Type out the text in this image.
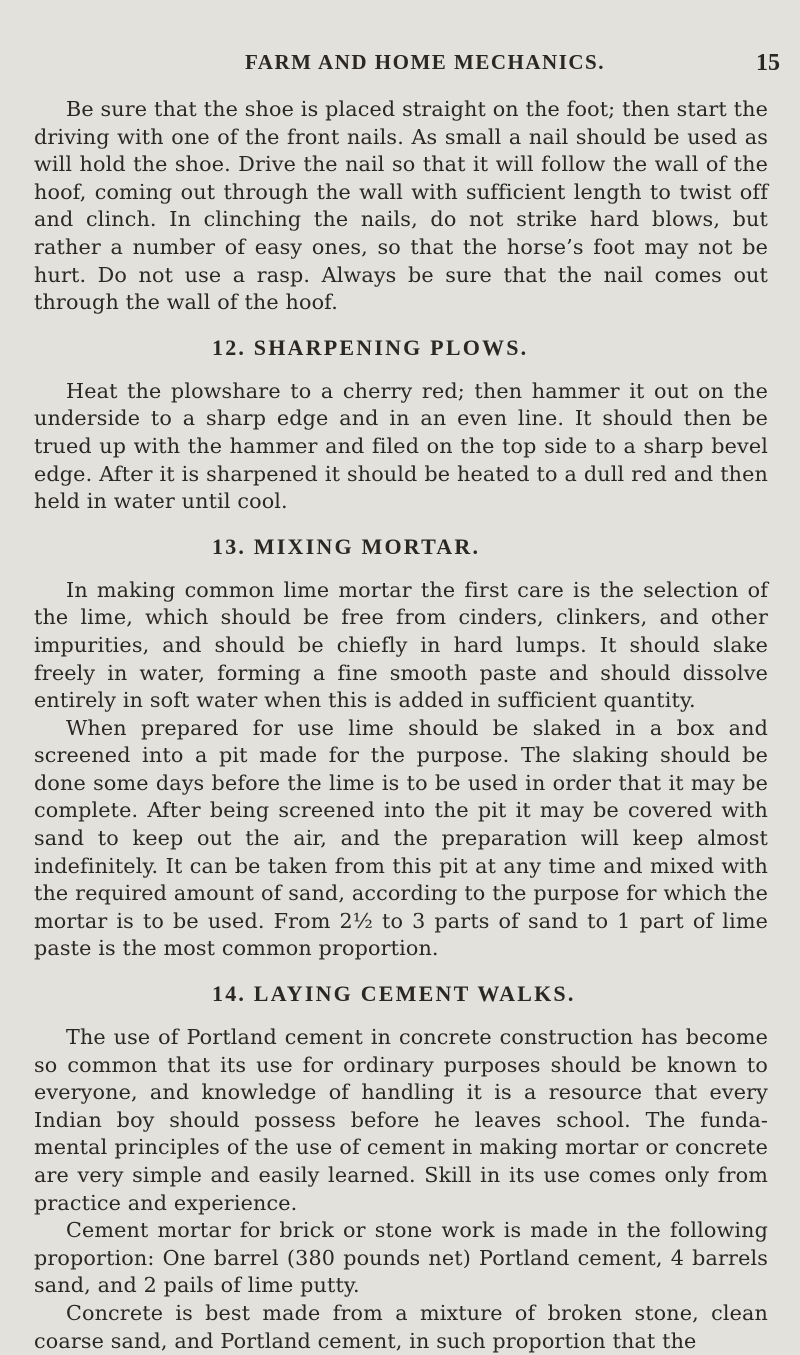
FARM AND HOME MECHANICS.	15

Be sure that the shoe is placed straight on the foot; then start the driving with one of the front nails. As small a nail should be used as will hold the shoe. Drive the nail so that it will follow the wall of the hoof, coming out through the wall with sufficient length to twist off and clinch. In clinching the nails, do not strike hard blows, but rather a number of easy ones, so that the horse’s foot may not be hurt. Do not use a rasp. Always be sure that the nail comes out through the wall of the hoof.

12. SHARPENING PLOWS.

Heat the plowshare to a cherry red; then hammer it out on the underside to a sharp edge and in an even line. It should then be trued up with the hammer and filed on the top side to a sharp bevel edge. After it is sharpened it should be heated to a dull red and then held in water until cool.

13. MIXING MORTAR.

In making common lime mortar the first care is the selection of the lime, which should be free from cinders, clinkers, and other impurities, and should be chiefly in hard lumps. It should slake freely in water, forming a fine smooth paste and should dissolve entirely in soft water when this is added in sufficient quantity.

When prepared for use lime should be slaked in a box and screened into a pit made for the purpose. The slaking should be done some days before the lime is to be used in order that it may be complete. After being screened into the pit it may be covered with sand to keep out the air, and the preparation will keep almost indefinitely. It can be taken from this pit at any time and mixed with the required amount of sand, according to the purpose for which the mortar is to be used. From 2½ to 3 parts of sand to 1 part of lime paste is the most common proportion.

14. LAYING CEMENT WALKS.

The use of Portland cement in concrete construction has become so common that its use for ordinary purposes should be known to everyone, and knowledge of handling it is a resource that every Indian boy should possess before he leaves school. The funda-mental principles of the use of cement in making mortar or concrete are very simple and easily learned. Skill in its use comes only from practice and experience.

Cement mortar for brick or stone work is made in the following proportion: One barrel (380 pounds net) Portland cement, 4 barrels sand, and 2 pails of lime putty.

Concrete is best made from a mixture of broken stone, clean coarse sand, and Portland cement, in such proportion that the
